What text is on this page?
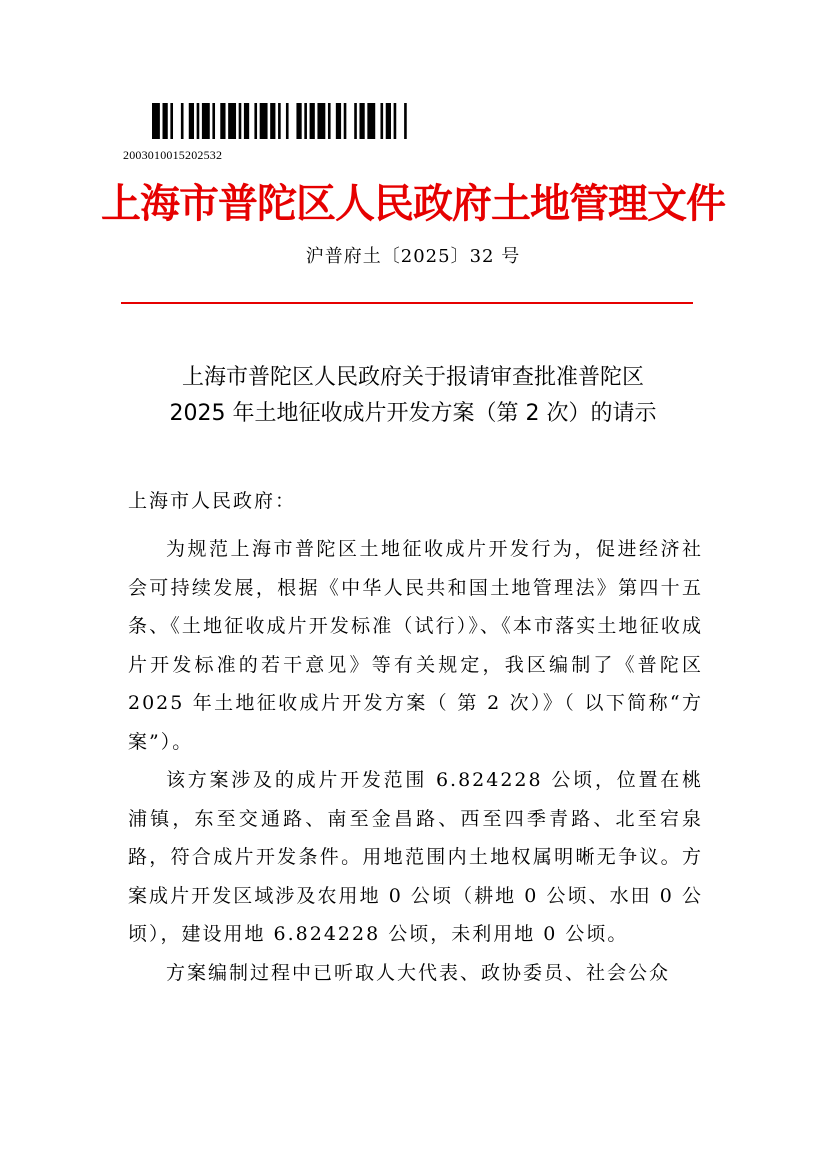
2003010015202532
上海市普陀区人民政府土地管理文件
沪普府土〔2025〕32 号
上海市普陀区人民政府关于报请审查批准普陀区
2025 年土地征收成片开发方案（第 2 次）的请示
上海市人民政府：

为规范上海市普陀区土地征收成片开发行为，促进经济社会可持续发展，根据《中华人民共和国土地管理法》第四十五条、《土地征收成片开发标准（试行）》、《本市落实土地征收成片开发标准的若干意见》等有关规定，我区编制了《普陀区 2025 年土地征收成片开发方案（ 第 2 次）》（ 以下简称“方案”）。

该方案涉及的成片开发范围 6.824228 公顷，位置在桃浦镇，东至交通路、南至金昌路、西至四季青路、北至宕泉路，符合成片开发条件。用地范围内土地权属明晰无争议。方案成片开发区域涉及农用地 0 公顷（耕地 0 公顷、水田 0 公顷），建设用地 6.824228 公顷，未利用地 0 公顷。

方案编制过程中已听取人大代表、政协委员、社会公众
